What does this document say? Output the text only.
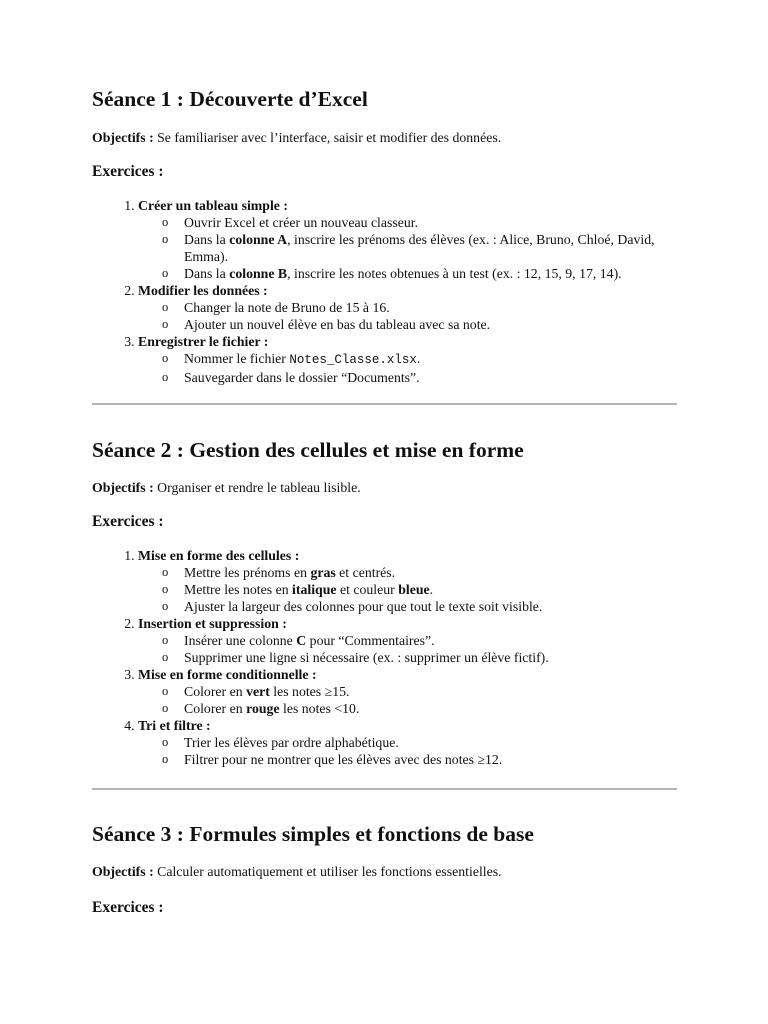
Séance 1 : Découverte d’Excel

Objectifs : Se familiariser avec l’interface, saisir et modifier des données.

Exercices :

1. Créer un tableau simple :
o Ouvrir Excel et créer un nouveau classeur.
o Dans la colonne A, inscrire les prénoms des élèves (ex. : Alice, Bruno, Chloé, David, Emma).
o Dans la colonne B, inscrire les notes obtenues à un test (ex. : 12, 15, 9, 17, 14).
2. Modifier les données :
o Changer la note de Bruno de 15 à 16.
o Ajouter un nouvel élève en bas du tableau avec sa note.
3. Enregistrer le fichier :
o Nommer le fichier Notes_Classe.xlsx.
o Sauvegarder dans le dossier “Documents”.
Séance 2 : Gestion des cellules et mise en forme

Objectifs : Organiser et rendre le tableau lisible.

Exercices :

1. Mise en forme des cellules :
o Mettre les prénoms en gras et centrés.
o Mettre les notes en italique et couleur bleue.
o Ajuster la largeur des colonnes pour que tout le texte soit visible.
2. Insertion et suppression :
o Insérer une colonne C pour “Commentaires”.
o Supprimer une ligne si nécessaire (ex. : supprimer un élève fictif).
3. Mise en forme conditionnelle :
o Colorer en vert les notes ≥15.
o Colorer en rouge les notes <10.
4. Tri et filtre :
o Trier les élèves par ordre alphabétique.
o Filtrer pour ne montrer que les élèves avec des notes ≥12.
Séance 3 : Formules simples et fonctions de base

Objectifs : Calculer automatiquement et utiliser les fonctions essentielles.

Exercices :
